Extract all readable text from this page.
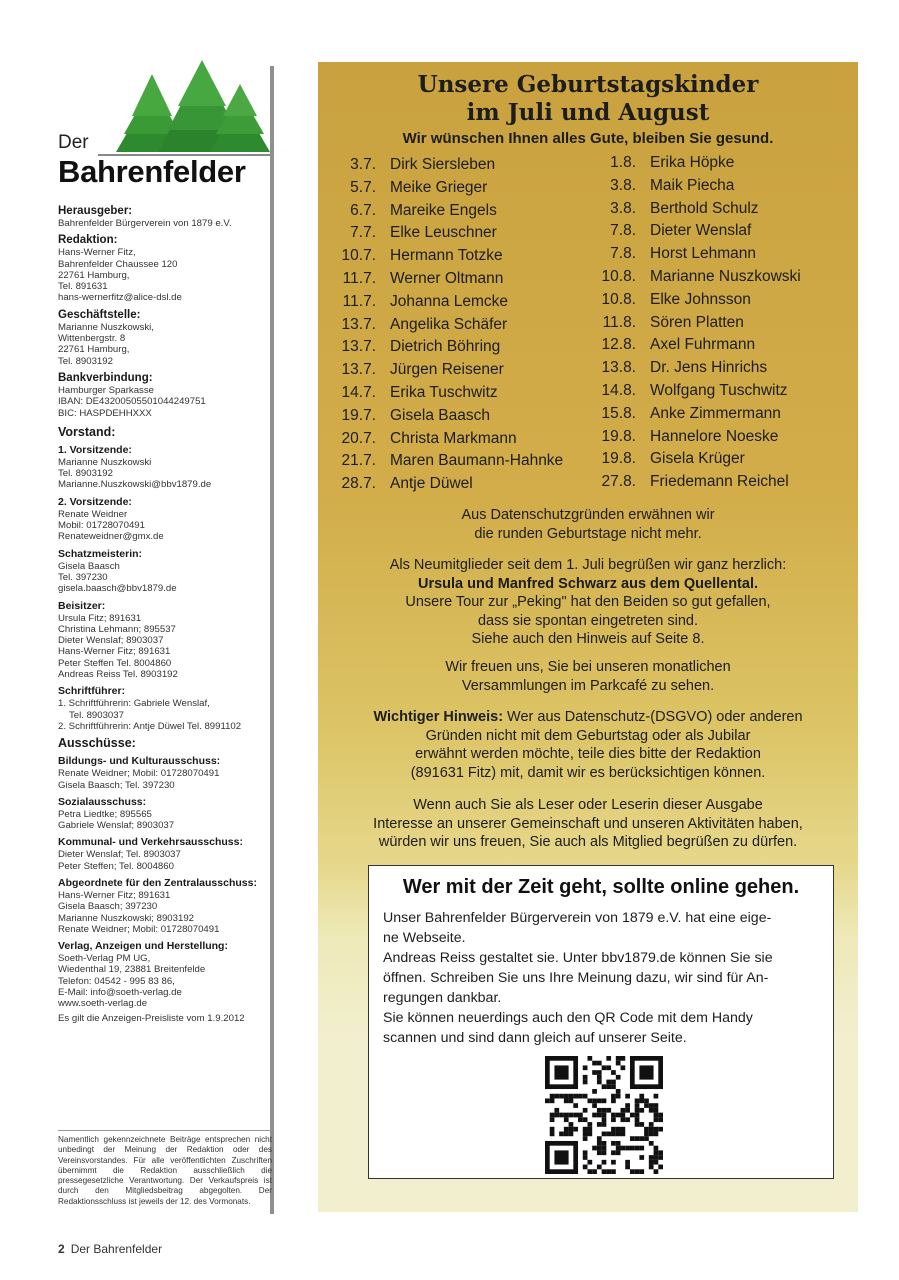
Der
Bahrenfelder
Herausgeber:
Bahrenfelder Bürgerverein von 1879 e.V.
Redaktion:
Hans-Werner Fitz,
Bahrenfelder Chaussee 120
22761 Hamburg,
Tel. 891631
hans-wernerfitz@alice-dsl.de
Geschäftstelle:
Marianne Nuszkowski,
Wittenbergstr. 8
22761 Hamburg,
Tel. 8903192
Bankverbindung:
Hamburger Sparkasse
IBAN: DE43200505501044249751
BIC: HASPDEHHXXX
Vorstand:
1. Vorsitzende:
Marianne Nuszkowski
Tel. 8903192
Marianne.Nuszkowski@bbv1879.de
2. Vorsitzende:
Renate Weidner
Mobil: 01728070491
Renateweidner@gmx.de
Schatzmeisterin:
Gisela Baasch
Tel. 397230
gisela.baasch@bbv1879.de
Beisitzer:
Ursula Fitz; 891631
Christina Lehmann; 895537
Dieter Wenslaf; 8903037
Hans-Werner Fitz; 891631
Peter Steffen Tel. 8004860
Andreas Reiss Tel. 8903192
Schriftführer:
1. Schriftführerin: Gabriele Wenslaf,
Tel. 8903037
2. Schriftführerin: Antje Düwel Tel. 8991102
Ausschüsse:
Bildungs- und Kulturausschuss:
Renate Weidner; Mobil: 01728070491
Gisela Baasch; Tel. 397230
Sozialausschuss:
Petra Liedtke; 895565
Gabriele Wenslaf; 8903037
Kommunal- und Verkehrsausschuss:
Dieter Wenslaf; Tel. 8903037
Peter Steffen; Tel. 8004860
Abgeordnete für den Zentralausschuss:
Hans-Werner Fitz; 891631
Gisela Baasch; 397230
Marianne Nuszkowski; 8903192
Renate Weidner; Mobil: 01728070491
Verlag, Anzeigen und Herstellung:
Soeth-Verlag PM UG,
Wiedenthal 19, 23881 Breitenfelde
Telefon: 04542 - 995 83 86,
E-Mail: info@soeth-verlag.de
www.soeth-verlag.de
Es gilt die Anzeigen-Preisliste vom 1.9.2012
Namentlich gekennzeichnete Beiträge entsprechen nicht unbedingt der Meinung der Redaktion oder des Vereinsvorstandes. Für alle veröffentlichten Zuschriften übernimmt die Redaktion ausschließlich die pressegesetzliche Verantwortung. Der Verkaufspreis ist durch den Mitgliedsbeitrag abgegolten. Der Redaktionsschluss ist jeweils der 12. des Vormonats.
2 Der Bahrenfelder
Unsere Geburtstagskinder
im Juli und August
Wir wünschen Ihnen alles Gute, bleiben Sie gesund.
3.7. Dirk Siersleben
5.7. Meike Grieger
6.7. Mareike Engels
7.7. Elke Leuschner
10.7. Hermann Totzke
11.7. Werner Oltmann
11.7. Johanna Lemcke
13.7. Angelika Schäfer
13.7. Dietrich Böhring
13.7. Jürgen Reisener
14.7. Erika Tuschwitz
19.7. Gisela Baasch
20.7. Christa Markmann
21.7. Maren Baumann-Hahnke
28.7. Antje Düwel
1.8. Erika Höpke
3.8. Maik Piecha
3.8. Berthold Schulz
7.8. Dieter Wenslaf
7.8. Horst Lehmann
10.8. Marianne Nuszkowski
10.8. Elke Johnsson
11.8. Sören Platten
12.8. Axel Fuhrmann
13.8. Dr. Jens Hinrichs
14.8. Wolfgang Tuschwitz
15.8. Anke Zimmermann
19.8. Hannelore Noeske
19.8. Gisela Krüger
27.8. Friedemann Reichel
Aus Datenschutzgründen erwähnen wir
die runden Geburtstage nicht mehr.
Als Neumitglieder seit dem 1. Juli begrüßen wir ganz herzlich:
Ursula und Manfred Schwarz aus dem Quellental.
Unsere Tour zur „Peking" hat den Beiden so gut gefallen,
dass sie spontan eingetreten sind.
Siehe auch den Hinweis auf Seite 8.
Wir freuen uns, Sie bei unseren monatlichen
Versammlungen im Parkcafé zu sehen.
Wichtiger Hinweis: Wer aus Datenschutz-(DSGVO) oder anderen
Gründen nicht mit dem Geburtstag oder als Jubilar
erwähnt werden möchte, teile dies bitte der Redaktion
(891631 Fitz) mit, damit wir es berücksichtigen können.
Wenn auch Sie als Leser oder Leserin dieser Ausgabe
Interesse an unserer Gemeinschaft und unseren Aktivitäten haben,
würden wir uns freuen, Sie auch als Mitglied begrüßen zu dürfen.
Wer mit der Zeit geht, sollte online gehen.
Unser Bahrenfelder Bürgerverein von 1879 e.V. hat eine eige-
ne Webseite.
Andreas Reiss gestaltet sie. Unter bbv1879.de können Sie sie
öffnen. Schreiben Sie uns Ihre Meinung dazu, wir sind für An-
regungen dankbar.
Sie können neuerdings auch den QR Code mit dem Handy
scannen und sind dann gleich auf unserer Seite.
